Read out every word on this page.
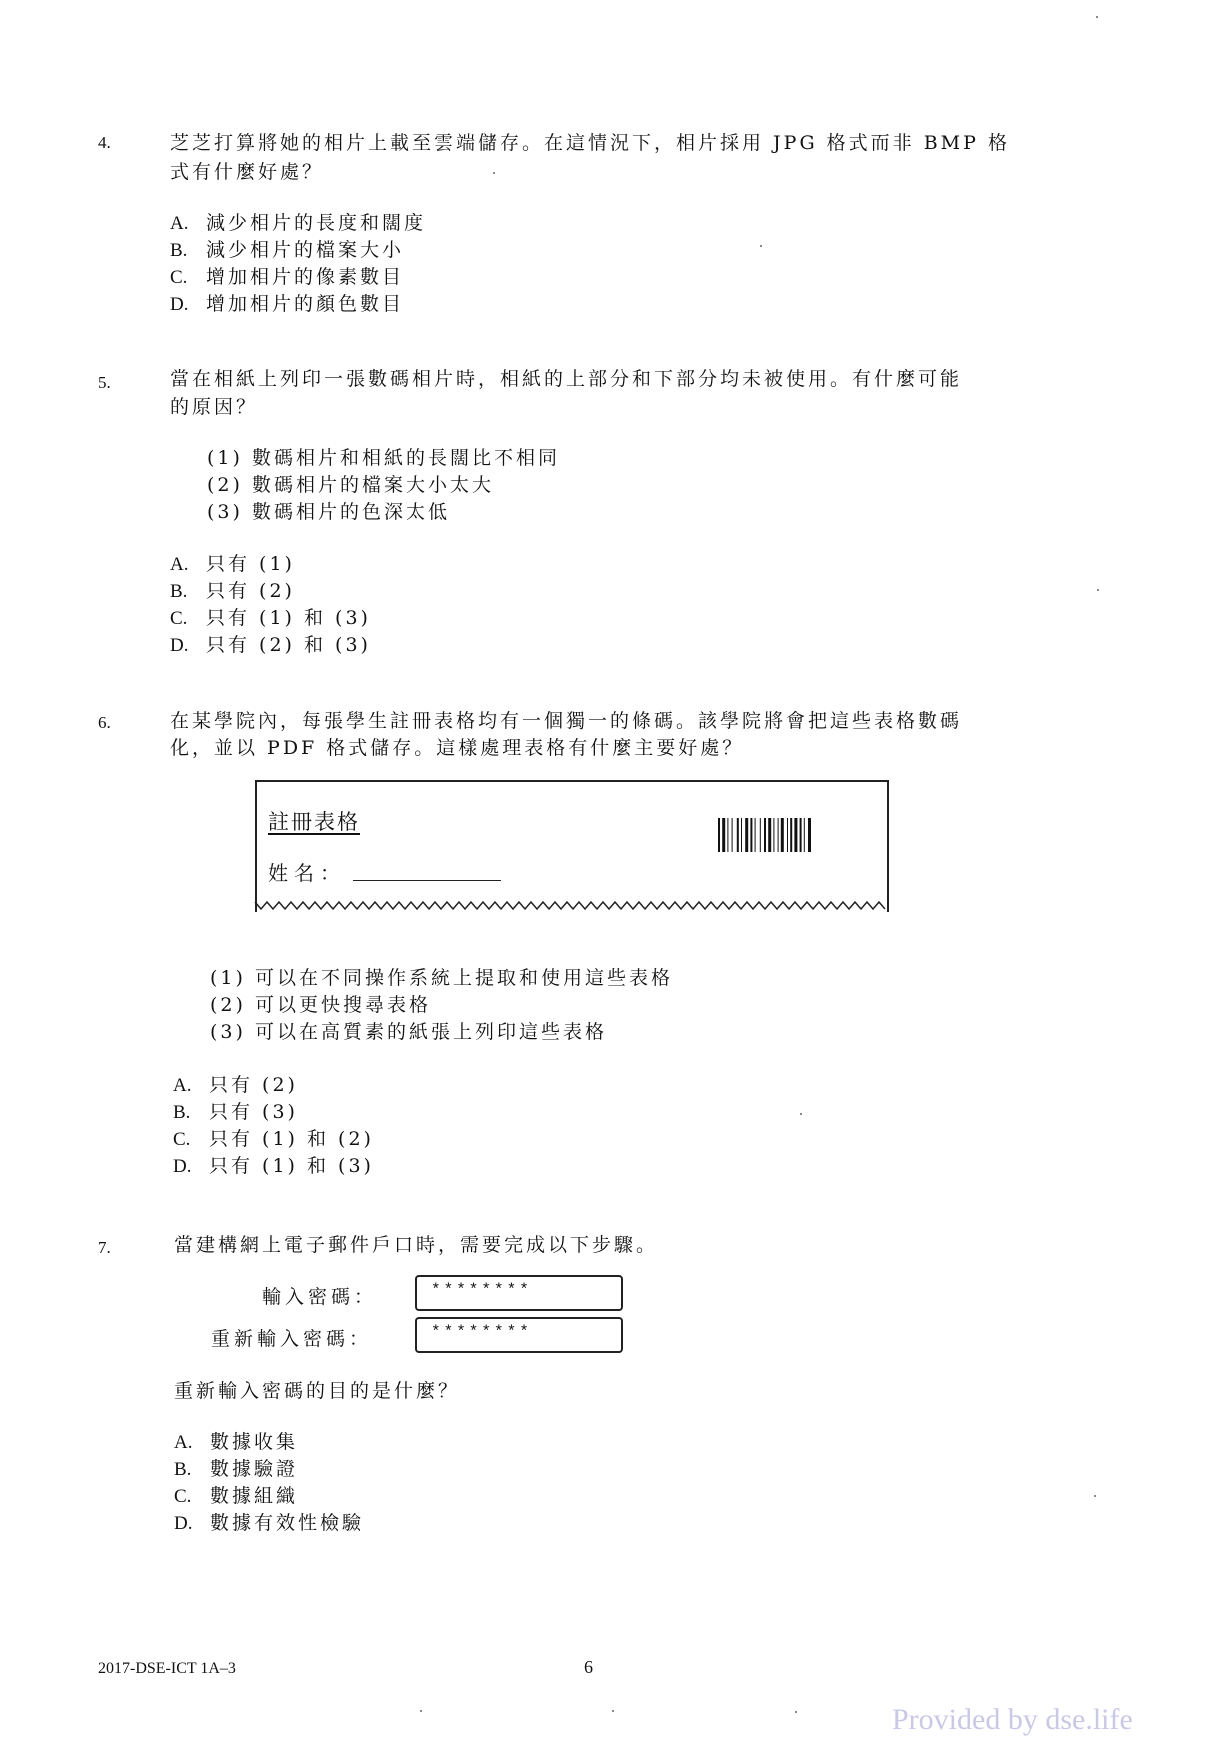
4.	芝芝打算將她的相片上載至雲端儲存。在這情況下，相片採用 JPG 格式而非 BMP 格
式有什麼好處？
A. 減少相片的長度和闊度
B. 減少相片的檔案大小
C. 增加相片的像素數目
D. 增加相片的顏色數目
5.	當在相紙上列印一張數碼相片時，相紙的上部分和下部分均未被使用。有什麼可能
的原因？
(1) 數碼相片和相紙的長闊比不相同
(2) 數碼相片的檔案大小太大
(3) 數碼相片的色深太低
A. 只有 (1)
B. 只有 (2)
C. 只有 (1) 和 (3)
D. 只有 (2) 和 (3)
6.	在某學院內，每張學生註冊表格均有一個獨一的條碼。該學院將會把這些表格數碼
化，並以 PDF 格式儲存。這樣處理表格有什麼主要好處？
註冊表格
姓名：
(1) 可以在不同操作系統上提取和使用這些表格
(2) 可以更快搜尋表格
(3) 可以在高質素的紙張上列印這些表格
A. 只有 (2)
B. 只有 (3)
C. 只有 (1) 和 (2)
D. 只有 (1) 和 (3)
7.	當建構網上電子郵件戶口時，需要完成以下步驟。
輸入密碼：	********
重新輸入密碼：	********
重新輸入密碼的目的是什麼？
A. 數據收集
B. 數據驗證
C. 數據組織
D. 數據有效性檢驗
2017-DSE-ICT 1A–3	6
Provided by dse.life
